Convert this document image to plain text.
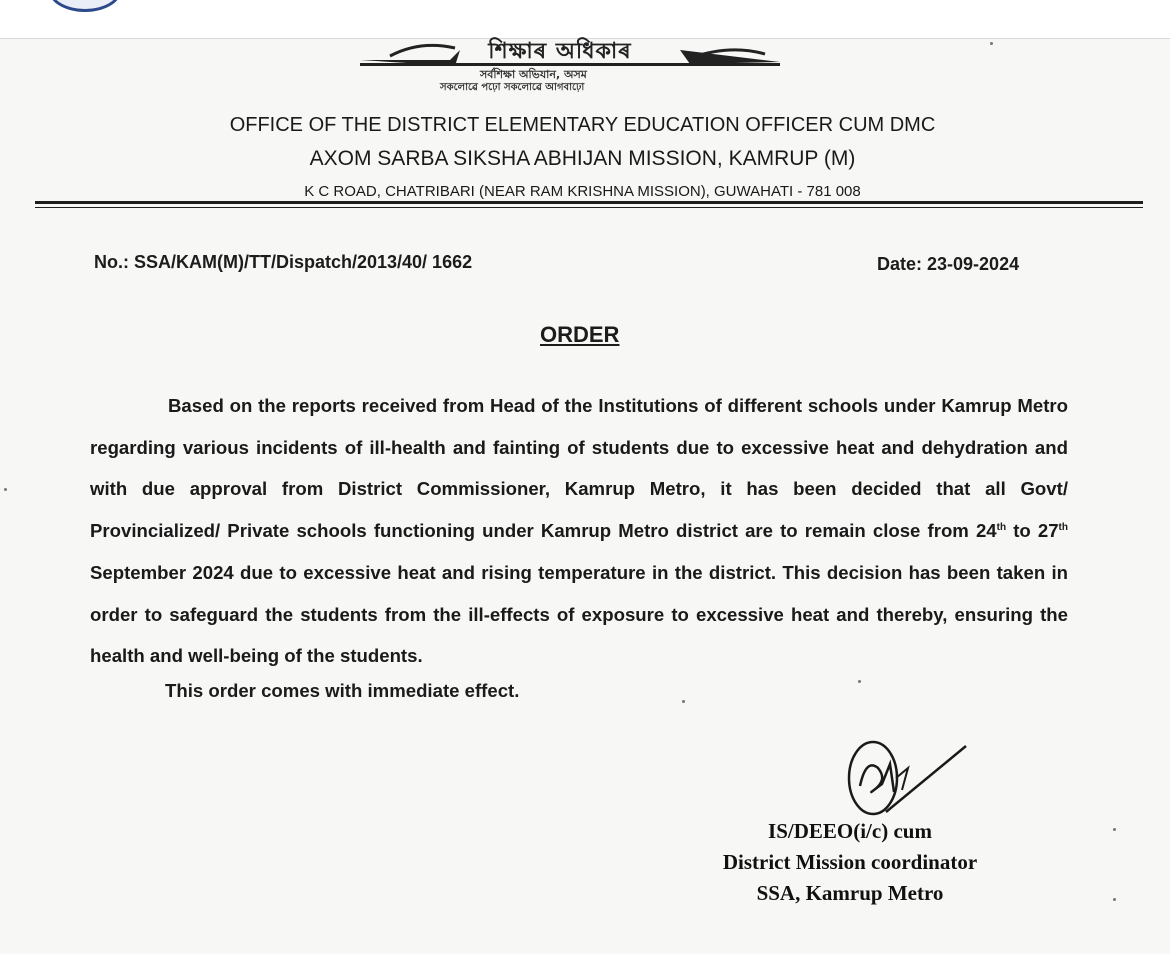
শিক্ষাৰ অধিকাৰ
সৰ্বশিক্ষা অভিযান, অসম
সকলোৱে পঢ়ো সকলোৱে আগবাঢ়ো
OFFICE OF THE DISTRICT ELEMENTARY EDUCATION OFFICER CUM DMC
AXOM SARBA SIKSHA ABHIJAN MISSION, KAMRUP (M)
K C ROAD, CHATRIBARI (NEAR RAM KRISHNA MISSION), GUWAHATI - 781 008
No.: SSA/KAM(M)/TT/Dispatch/2013/40/ 1662	Date: 23-09-2024
ORDER
Based on the reports received from Head of the Institutions of different schools under Kamrup Metro regarding various incidents of ill-health and fainting of students due to excessive heat and dehydration and with due approval from District Commissioner, Kamrup Metro, it has been decided that all Govt/ Provincialized/ Private schools functioning under Kamrup Metro district are to remain close from 24th to 27th September 2024 due to excessive heat and rising temperature in the district. This decision has been taken in order to safeguard the students from the ill-effects of exposure to excessive heat and thereby, ensuring the health and well-being of the students.
This order comes with immediate effect.
IS/DEEO(i/c) cum
District Mission coordinator
SSA, Kamrup Metro
